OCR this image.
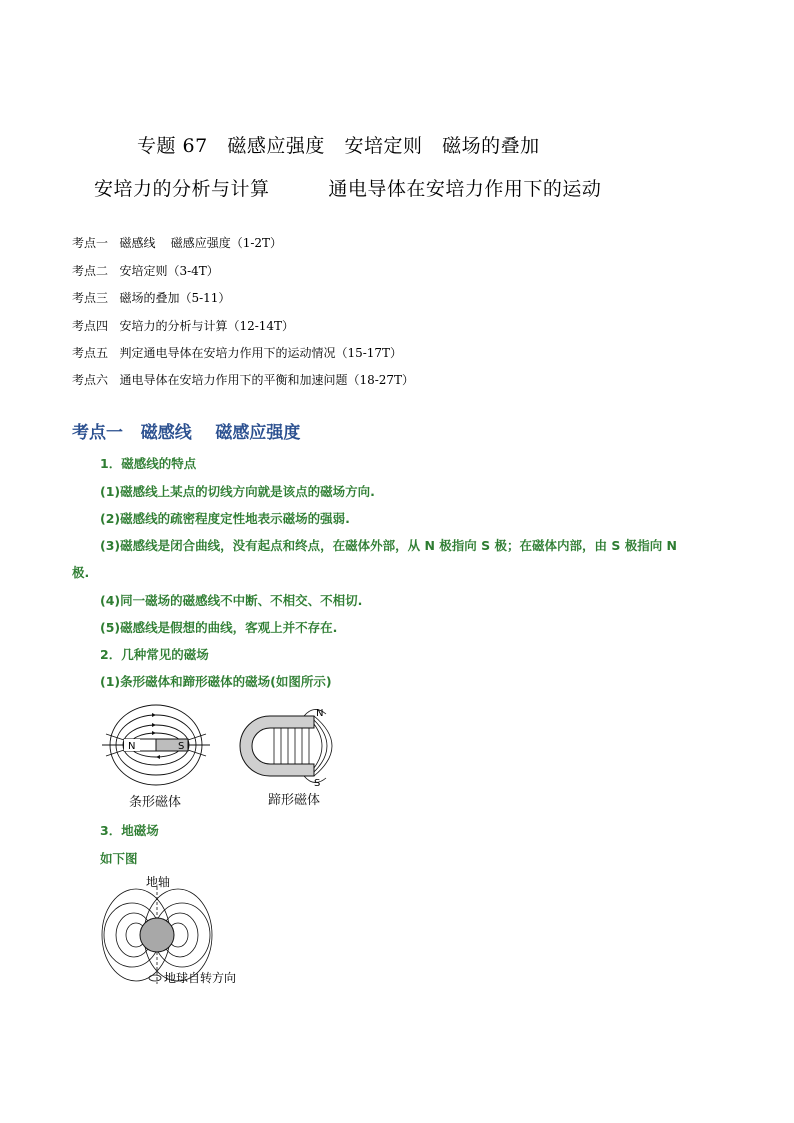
专题 67   磁感应强度   安培定则   磁场的叠加
安培力的分析与计算         通电导体在安培力作用下的运动
考点一   磁感线    磁感应强度（1-2T）
考点二   安培定则（3-4T）
考点三   磁场的叠加（5-11）
考点四   安培力的分析与计算（12-14T）
考点五   判定通电导体在安培力作用下的运动情况（15-17T）
考点六   通电导体在安培力作用下的平衡和加速问题（18-27T）
考点一   磁感线    磁感应强度
1．磁感线的特点
(1)磁感线上某点的切线方向就是该点的磁场方向.
(2)磁感线的疏密程度定性地表示磁场的强弱.
(3)磁感线是闭合曲线，没有起点和终点，在磁体外部，从 N 极指向 S 极；在磁体内部，由 S 极指向 N
极.
(4)同一磁场的磁感线不中断、不相交、不相切.
(5)磁感线是假想的曲线，客观上并不存在.
2．几种常见的磁场
(1)条形磁体和蹄形磁体的磁场(如图所示)
N	S
条形磁体
N
S
蹄形磁体
3．地磁场
如下图
地轴
地球自转方向
